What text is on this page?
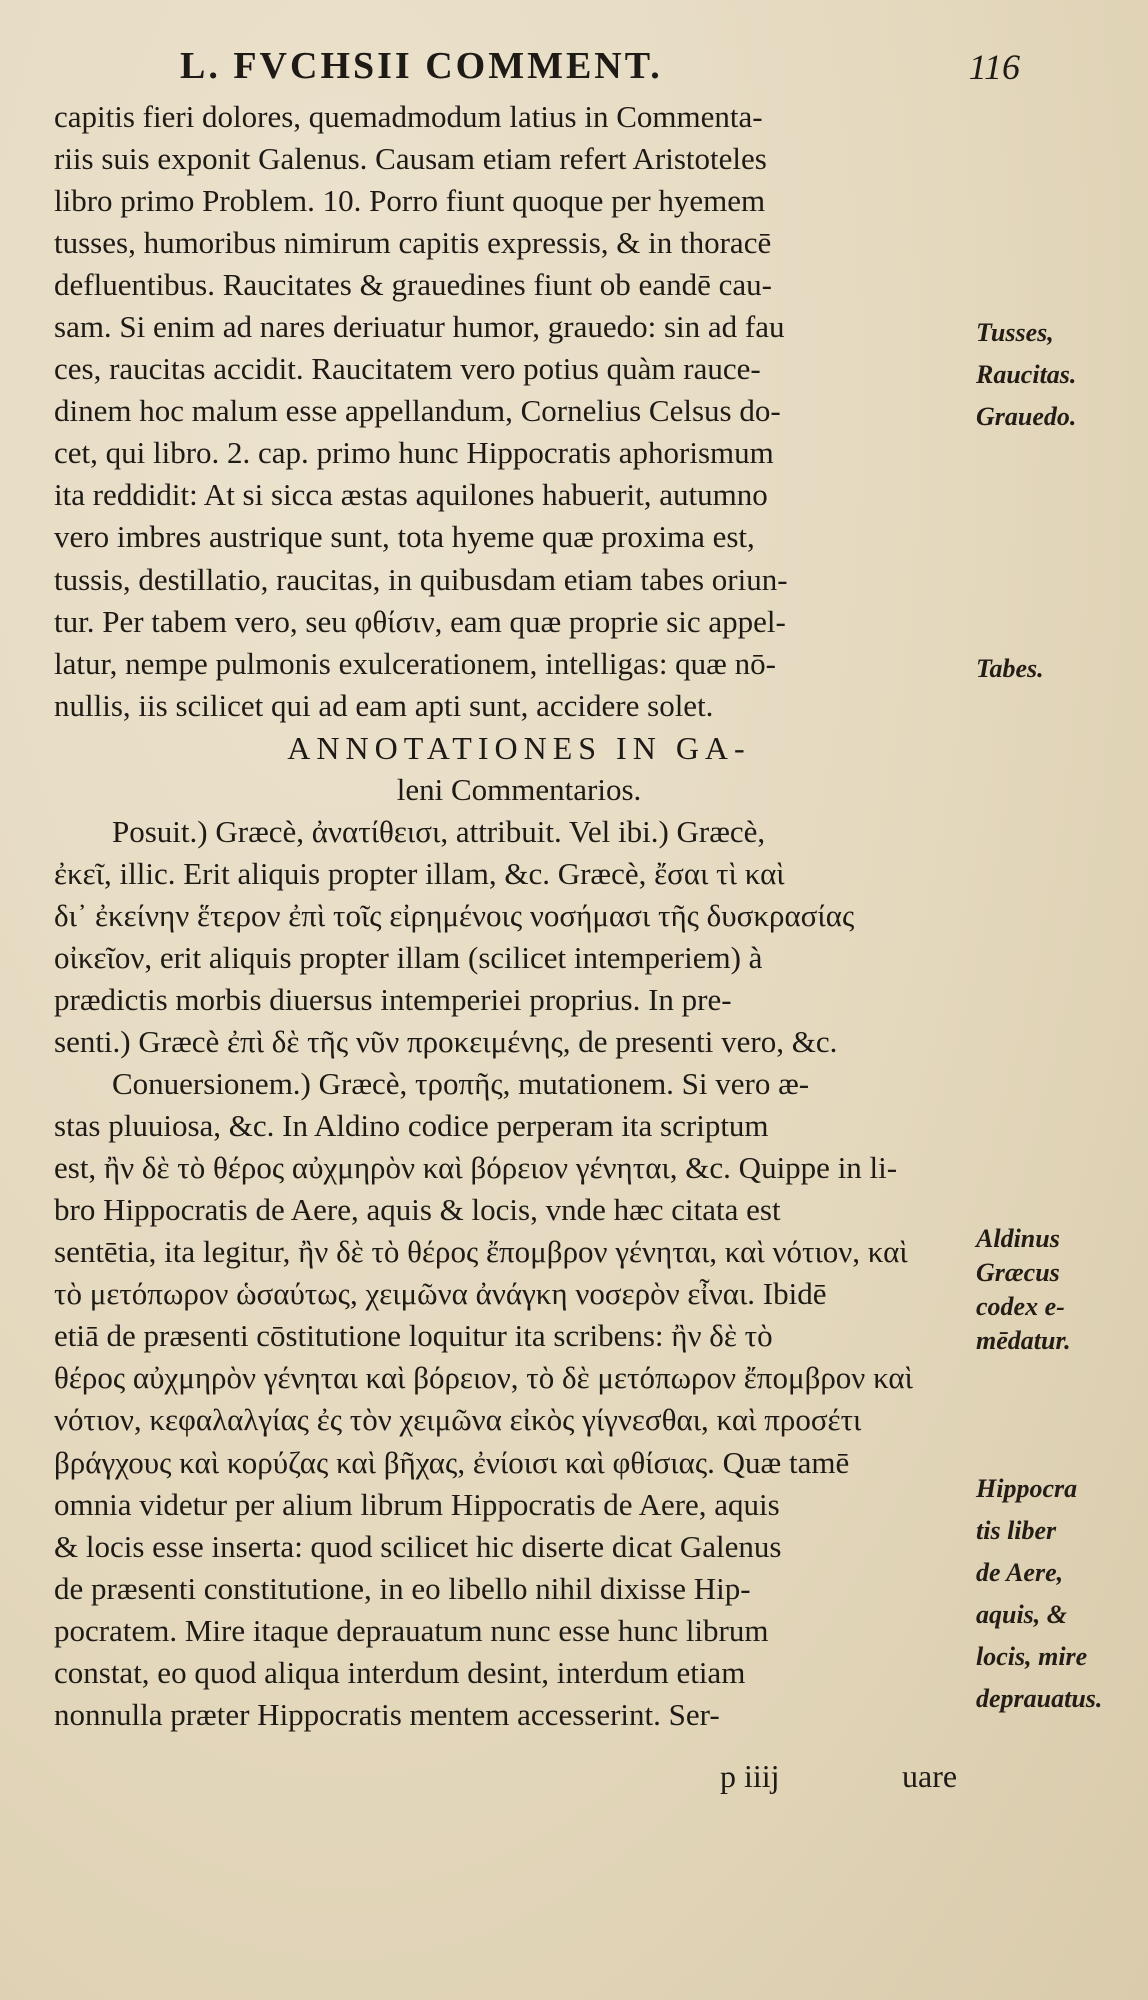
L. FVCHSII COMMENT.	116
capitis fieri dolores, quemadmodum latius in Commenta-
riis suis exponit Galenus. Causam etiam refert Aristoteles
libro primo Problem. 10. Porro fiunt quoque per hyemem
tusses, humoribus nimirum capitis expressis, & in thoracē
defluentibus. Raucitates & grauedines fiunt ob eandē cau-
sam. Si enim ad nares deriuatur humor, grauedo: sin ad fau
ces, raucitas accidit. Raucitatem vero potius quàm rauce-
dinem hoc malum esse appellandum, Cornelius Celsus do-
cet, qui libro. 2. cap. primo hunc Hippocratis aphorismum
ita reddidit: At si sicca æstas aquilones habuerit, autumno
vero imbres austrique sunt, tota hyeme quæ proxima est,
tussis, destillatio, raucitas, in quibusdam etiam tabes oriun-
tur. Per tabem vero, seu φθίσιν, eam quæ proprie sic appel-
latur, nempe pulmonis exulcerationem, intelligas: quæ nō-
nullis, iis scilicet qui ad eam apti sunt, accidere solet.
ANNOTATIONES IN GA-
leni Commentarios.
Posuit.) Græcè, ἀνατίθεισι, attribuit. Vel ibi.) Græcè,
ἐκεῖ, illic. Erit aliquis propter illam, &c. Græcè, ἔσαι τὶ καὶ
δι᾽ ἐκείνην ἕτερον ἐπὶ τοῖς εἰρημένοις νοσήμασι τῆς δυσκρασίας
οἰκεῖον, erit aliquis propter illam (scilicet intemperiem) à
prædictis morbis diuersus intemperiei proprius. In pre-
senti.) Græcè ἐπὶ δὲ τῆς νῦν προκειμένης, de presenti vero, &c.
Conuersionem.) Græcè, τροπῆς, mutationem. Si vero æ-
stas pluuiosa, &c. In Aldino codice perperam ita scriptum
est, ἢν δὲ τὸ θέρος αὐχμηρὸν καὶ βόρειον γένηται, &c. Quippe in li-
bro Hippocratis de Aere, aquis & locis, vnde hæc citata est
sentētia, ita legitur, ἢν δὲ τὸ θέρος ἔπομβρον γένηται, καὶ νότιον, καὶ
τὸ μετόπωρον ὡσαύτως, χειμῶνα ἀνάγκη νοσερὸν εἶναι. Ibidē
etiā de præsenti cōstitutione loquitur ita scribens: ἢν δὲ τὸ
θέρος αὐχμηρὸν γένηται καὶ βόρειον, τὸ δὲ μετόπωρον ἔπομβρον καὶ
νότιον, κεφαλαλγίας ἐς τὸν χειμῶνα εἰκὸς γίγνεσθαι, καὶ προσέτι
βράγχους καὶ κορύζας καὶ βῆχας, ἐνίοισι καὶ φθίσιας. Quæ tamē
omnia videtur per alium librum Hippocratis de Aere, aquis
& locis esse inserta: quod scilicet hic diserte dicat Galenus
de præsenti constitutione, in eo libello nihil dixisse Hip-
pocratem. Mire itaque deprauatum nunc esse hunc librum
constat, eo quod aliqua interdum desint, interdum etiam
nonnulla præter Hippocratis mentem accesserint. Ser-
p iiij	uare
Tusses,
Raucitas.
Grauedo.
Tabes.
Aldinus
Græcus
codex e-
mēdatur.
Hippocra
tis liber
de Aere,
aquis, &
locis, mire
deprauatus.
